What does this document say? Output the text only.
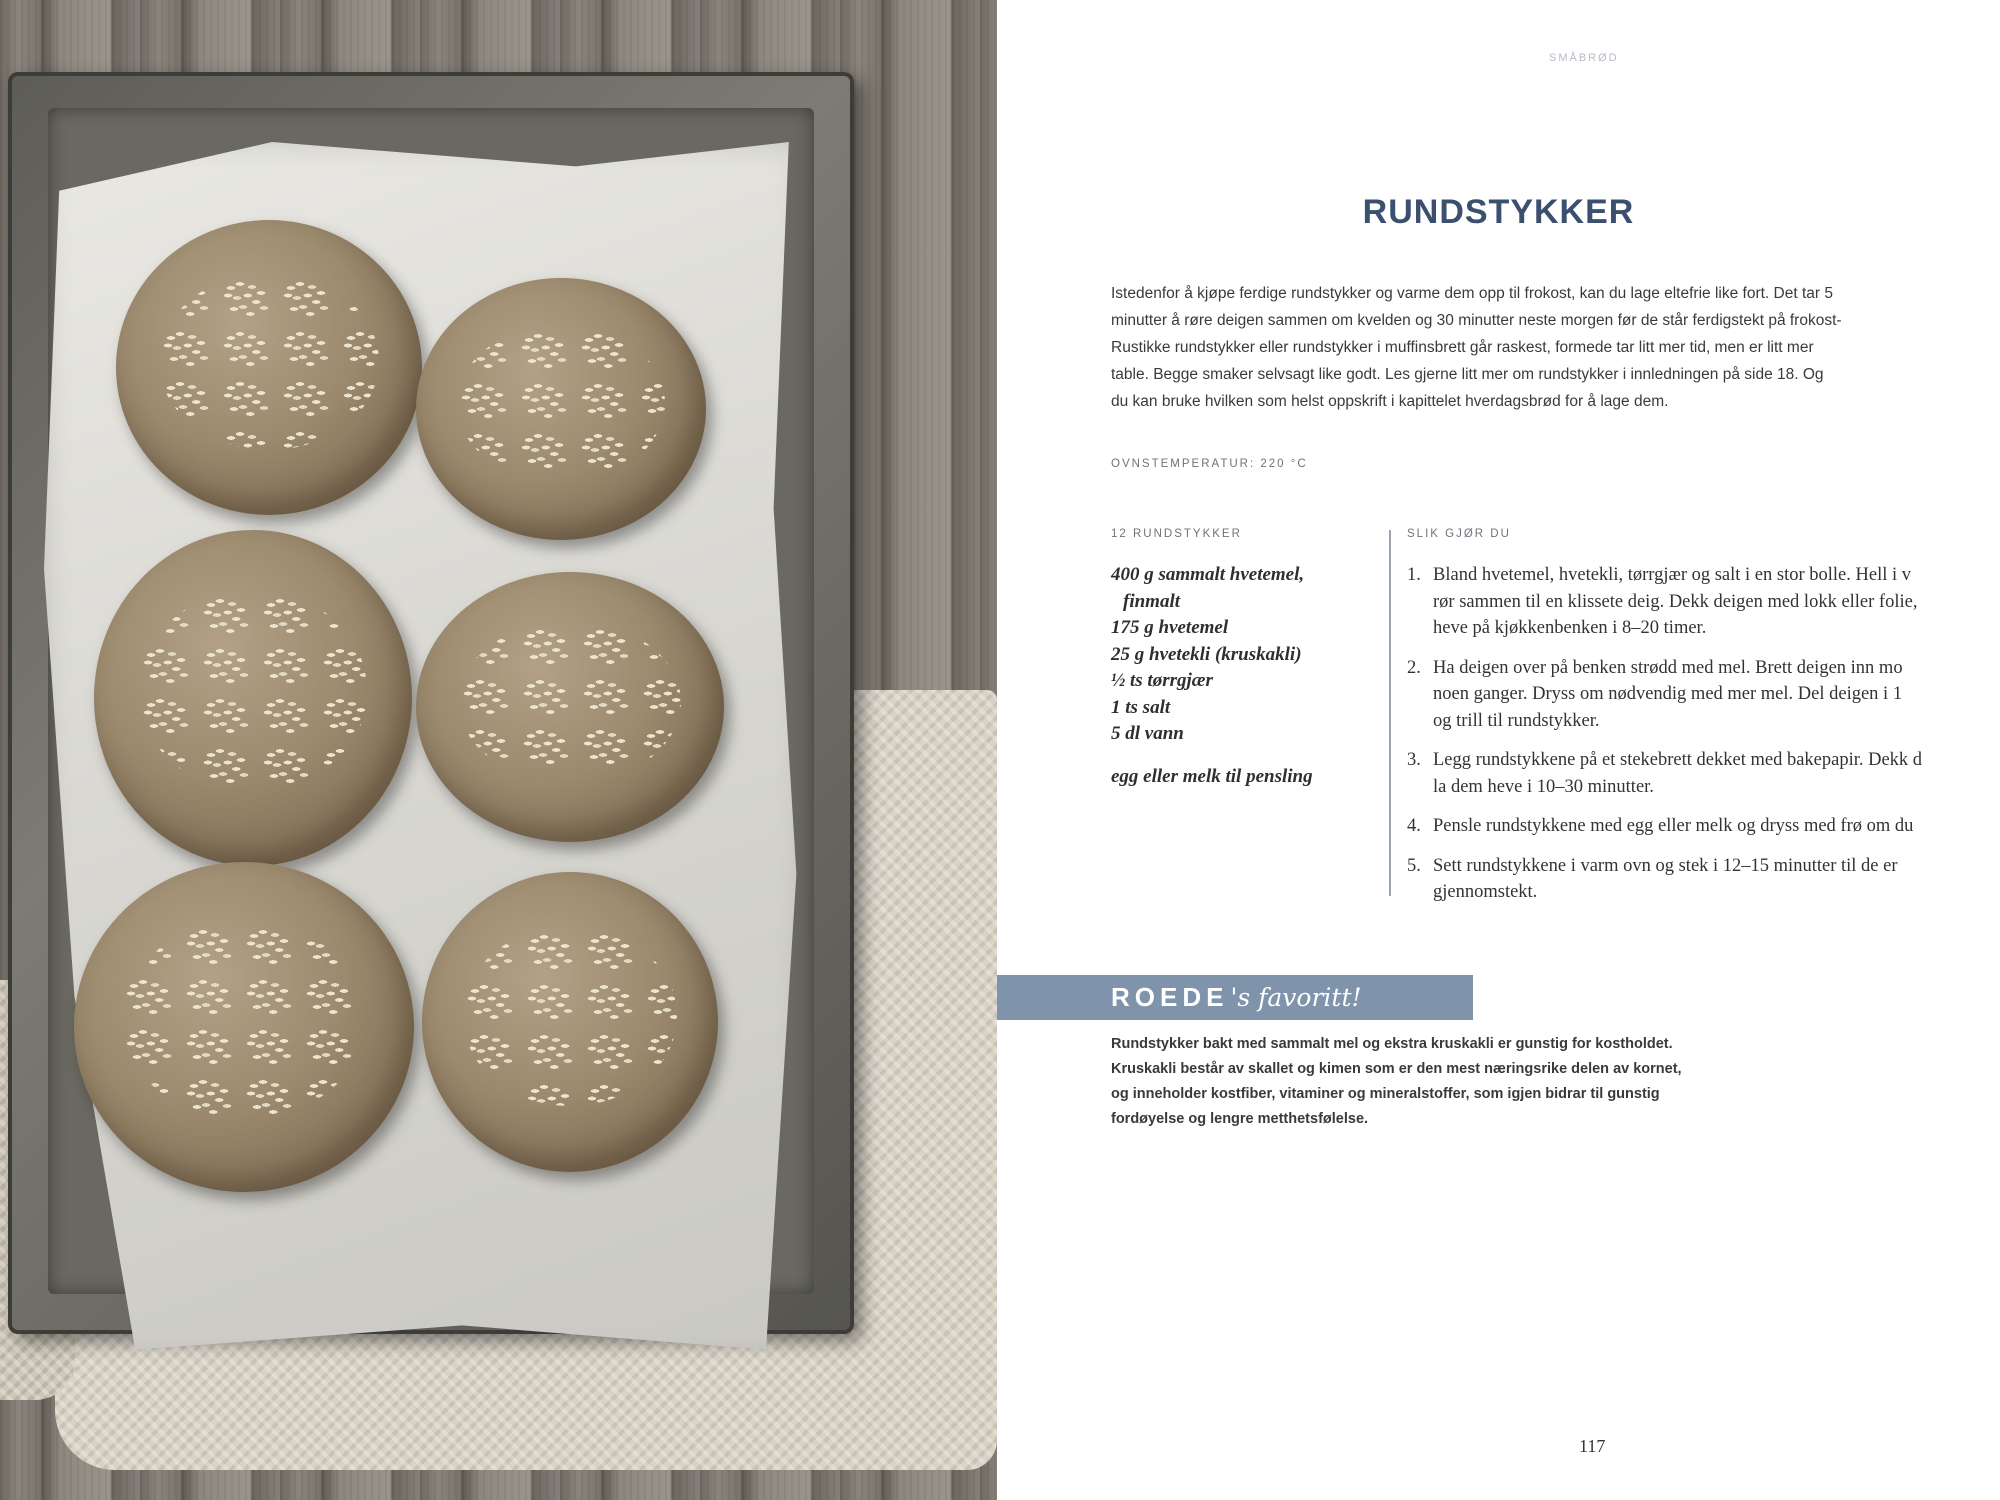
SMÅBRØD
RUNDSTYKKER

Istedenfor å kjøpe ferdige rundstykker og varme dem opp til frokost, kan du lage eltefrie like fort. Det tar 5
minutter å røre deigen sammen om kvelden og 30 minutter neste morgen før de står ferdigstekt på frokost-
Rustikke rundstykker eller rundstykker i muffinsbrett går raskest, formede tar litt mer tid, men er litt mer
table. Begge smaker selvsagt like godt. Les gjerne litt mer om rundstykker i innledningen på side 18. Og
du kan bruke hvilken som helst oppskrift i kapittelet hverdagsbrød for å lage dem.

OVNSTEMPERATUR: 220 °C
12 RUNDSTYKKER
400 g sammalt hvetemel,
finmalt
175 g hvetemel
25 g hvetekli (kruskakli)
½ ts tørrgjær
1 ts salt
5 dl vann
egg eller melk til pensling
SLIK GJØR DU
1. Bland hvetemel, hvetekli, tørrgjær og salt i en stor bolle. Hell i v
rør sammen til en klissete deig. Dekk deigen med lokk eller folie,
heve på kjøkkenbenken i 8–20 timer.
2. Ha deigen over på benken strødd med mel. Brett deigen inn mo
noen ganger. Dryss om nødvendig med mer mel. Del deigen i 1
og trill til rundstykker.
3. Legg rundstykkene på et stekebrett dekket med bakepapir. Dekk d
la dem heve i 10–30 minutter.
4. Pensle rundstykkene med egg eller melk og dryss med frø om du
5. Sett rundstykkene i varm ovn og stek i 12–15 minutter til de er
gjennomstekt.
ROEDE 's favoritt!

Rundstykker bakt med sammalt mel og ekstra kruskakli er gunstig for kostholdet.
Kruskakli består av skallet og kimen som er den mest næringsrike delen av kornet,
og inneholder kostfiber, vitaminer og mineralstoffer, som igjen bidrar til gunstig
fordøyelse og lengre metthetsfølelse.

117
